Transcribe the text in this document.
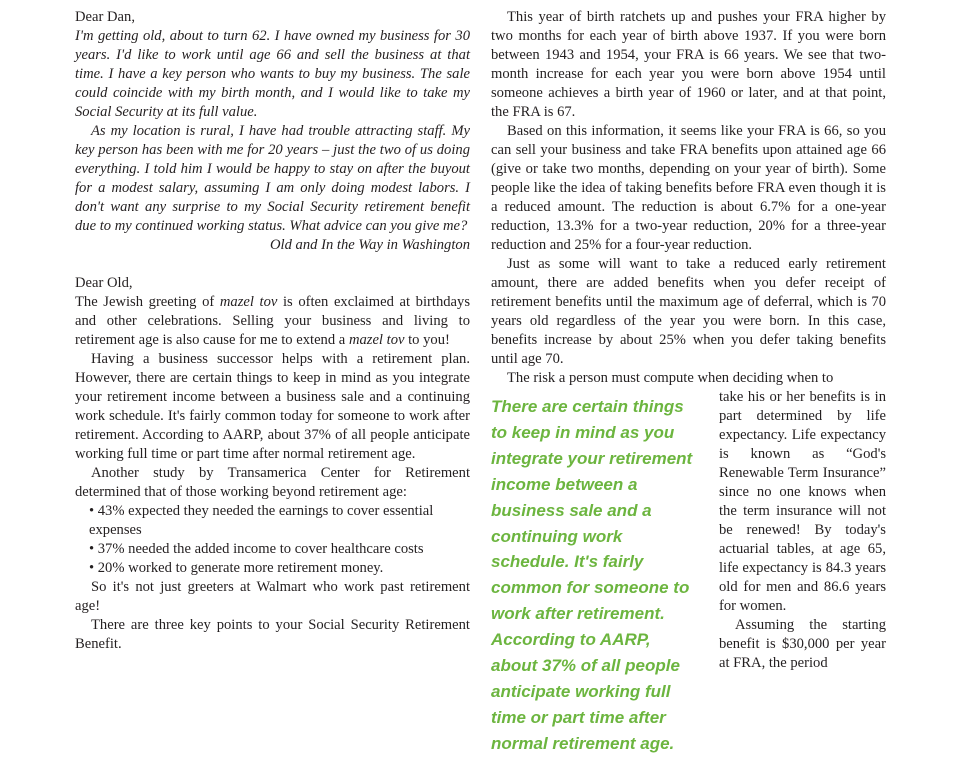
Dear Dan,

I'm getting old, about to turn 62. I have owned my business for 30 years. I'd like to work until age 66 and sell the business at that time. I have a key person who wants to buy my business. The sale could coincide with my birth month, and I would like to take my Social Security at its full value.

As my location is rural, I have had trouble attracting staff. My key person has been with me for 20 years – just the two of us doing everything. I told him I would be happy to stay on after the buyout for a modest salary, assuming I am only doing modest labors. I don't want any surprise to my Social Security retirement benefit due to my continued working status. What advice can you give me?

Old and In the Way in Washington

Dear Old,

The Jewish greeting of mazel tov is often exclaimed at birthdays and other celebrations. Selling your business and living to retirement age is also cause for me to extend a mazel tov to you!

Having a business successor helps with a retirement plan. However, there are certain things to keep in mind as you integrate your retirement income between a business sale and a continuing work schedule. It's fairly common today for someone to work after retirement. According to AARP, about 37% of all people anticipate working full time or part time after normal retirement age.

Another study by Transamerica Center for Retirement determined that of those working beyond retirement age:

• 43% expected they needed the earnings to cover essential expenses
• 37% needed the added income to cover healthcare costs
• 20% worked to generate more retirement money.

So it's not just greeters at Walmart who work past retirement age!

There are three key points to your Social Security Retirement Benefit.

This year of birth ratchets up and pushes your FRA higher by two months for each year of birth above 1937. If you were born between 1943 and 1954, your FRA is 66 years. We see that two-month increase for each year you were born above 1954 until someone achieves a birth year of 1960 or later, and at that point, the FRA is 67.

Based on this information, it seems like your FRA is 66, so you can sell your business and take FRA benefits upon attained age 66 (give or take two months, depending on your year of birth). Some people like the idea of taking benefits before FRA even though it is a reduced amount. The reduction is about 6.7% for a one-year reduction, 13.3% for a two-year reduction, 20% for a three-year reduction and 25% for a four-year reduction.

Just as some will want to take a reduced early retirement amount, there are added benefits when you defer receipt of retirement benefits until the maximum age of deferral, which is 70 years old regardless of the year you were born. In this case, benefits increase by about 25% when you defer taking benefits until age 70.

The risk a person must compute when deciding when to

There are certain things to keep in mind as you integrate your retirement income between a business sale and a continuing work schedule. It's fairly common for someone to work after retirement. According to AARP, about 37% of all people anticipate working full time or part time after normal retirement age.

take his or her benefits is in part determined by life expectancy. Life expectancy is known as “God's Renewable Term Insurance” since no one knows when the term insurance will not be renewed! By today's actuarial tables, at age 65, life expectancy is 84.3 years old for men and 86.6 years for women.

Assuming the starting benefit is $30,000 per year at FRA, the period
